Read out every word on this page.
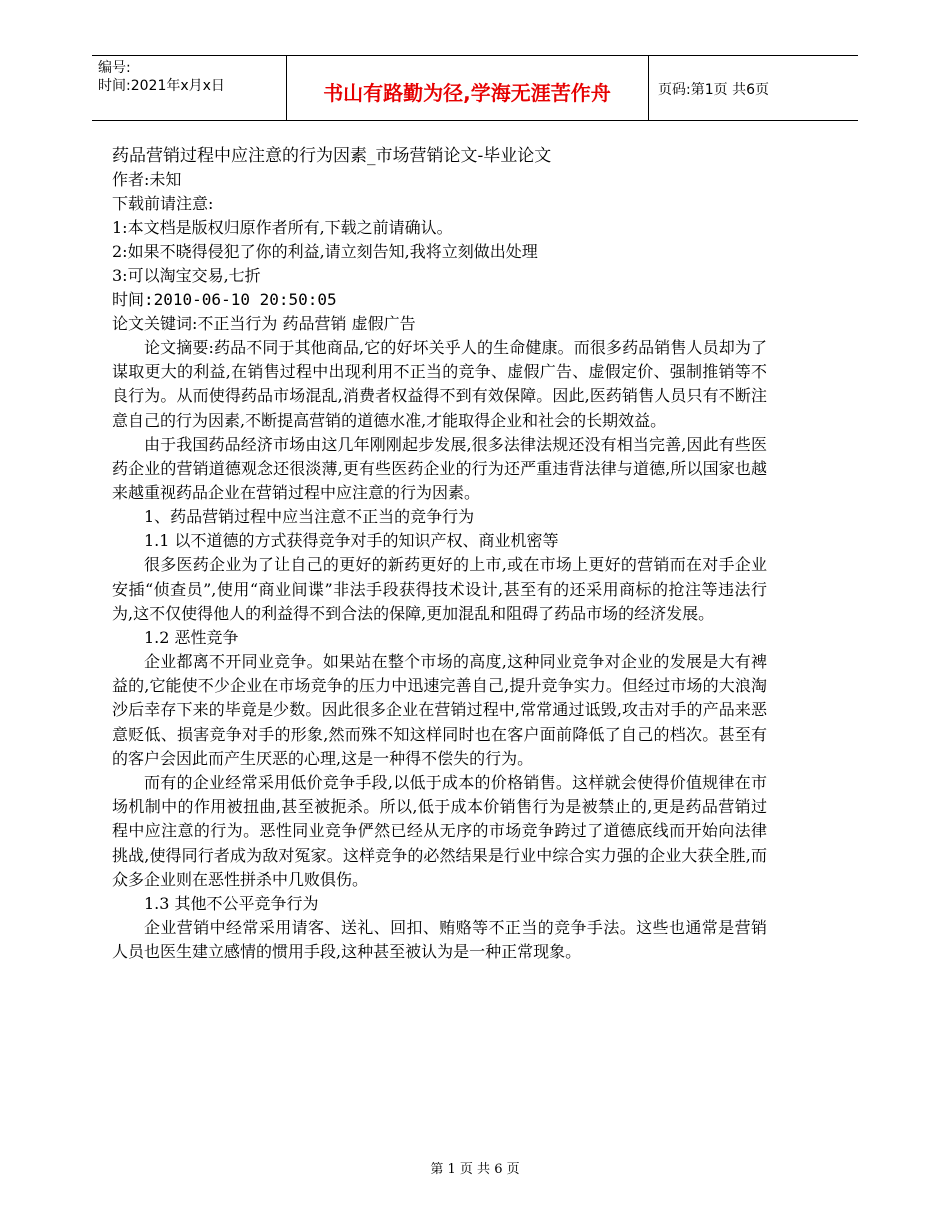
编号:
时间:2021年x月x日	书山有路勤为径,学海无涯苦作舟	页码:第1页 共6页
药品营销过程中应注意的行为因素_市场营销论文-毕业论文
作者:未知
下载前请注意:
1:本文档是版权归原作者所有,下载之前请确认。
2:如果不晓得侵犯了你的利益,请立刻告知,我将立刻做出处理
3:可以淘宝交易,七折
时间:2010-06-10 20:50:05
论文关键词:不正当行为 药品营销 虚假广告

论文摘要:药品不同于其他商品,它的好坏关乎人的生命健康。而很多药品销售人员却为了谋取更大的利益,在销售过程中出现利用不正当的竞争、虚假广告、虚假定价、强制推销等不良行为。从而使得药品市场混乱,消费者权益得不到有效保障。因此,医药销售人员只有不断注意自己的行为因素,不断提高营销的道德水准,才能取得企业和社会的长期效益。

由于我国药品经济市场由这几年刚刚起步发展,很多法律法规还没有相当完善,因此有些医药企业的营销道德观念还很淡薄,更有些医药企业的行为还严重违背法律与道德,所以国家也越来越重视药品企业在营销过程中应注意的行为因素。

1、药品营销过程中应当注意不正当的竞争行为
1.1 以不道德的方式获得竞争对手的知识产权、商业机密等

很多医药企业为了让自己的更好的新药更好的上市,或在市场上更好的营销而在对手企业安插“侦查员”,使用“商业间谍”非法手段获得技术设计,甚至有的还采用商标的抢注等违法行为,这不仅使得他人的利益得不到合法的保障,更加混乱和阻碍了药品市场的经济发展。

1.2 恶性竞争

企业都离不开同业竞争。如果站在整个市场的高度,这种同业竞争对企业的发展是大有裨益的,它能使不少企业在市场竞争的压力中迅速完善自己,提升竞争实力。但经过市场的大浪淘沙后幸存下来的毕竟是少数。因此很多企业在营销过程中,常常通过诋毁,攻击对手的产品来恶意贬低、损害竞争对手的形象,然而殊不知这样同时也在客户面前降低了自己的档次。甚至有的客户会因此而产生厌恶的心理,这是一种得不偿失的行为。

而有的企业经常采用低价竞争手段,以低于成本的价格销售。这样就会使得价值规律在市场机制中的作用被扭曲,甚至被扼杀。所以,低于成本价销售行为是被禁止的,更是药品营销过程中应注意的行为。恶性同业竞争俨然已经从无序的市场竞争跨过了道德底线而开始向法律挑战,使得同行者成为敌对冤家。这样竞争的必然结果是行业中综合实力强的企业大获全胜,而众多企业则在恶性拼杀中几败俱伤。

1.3 其他不公平竞争行为

企业营销中经常采用请客、送礼、回扣、贿赂等不正当的竞争手法。这些也通常是营销人员也医生建立感情的惯用手段,这种甚至被认为是一种正常现象。

第 1 页 共 6 页
